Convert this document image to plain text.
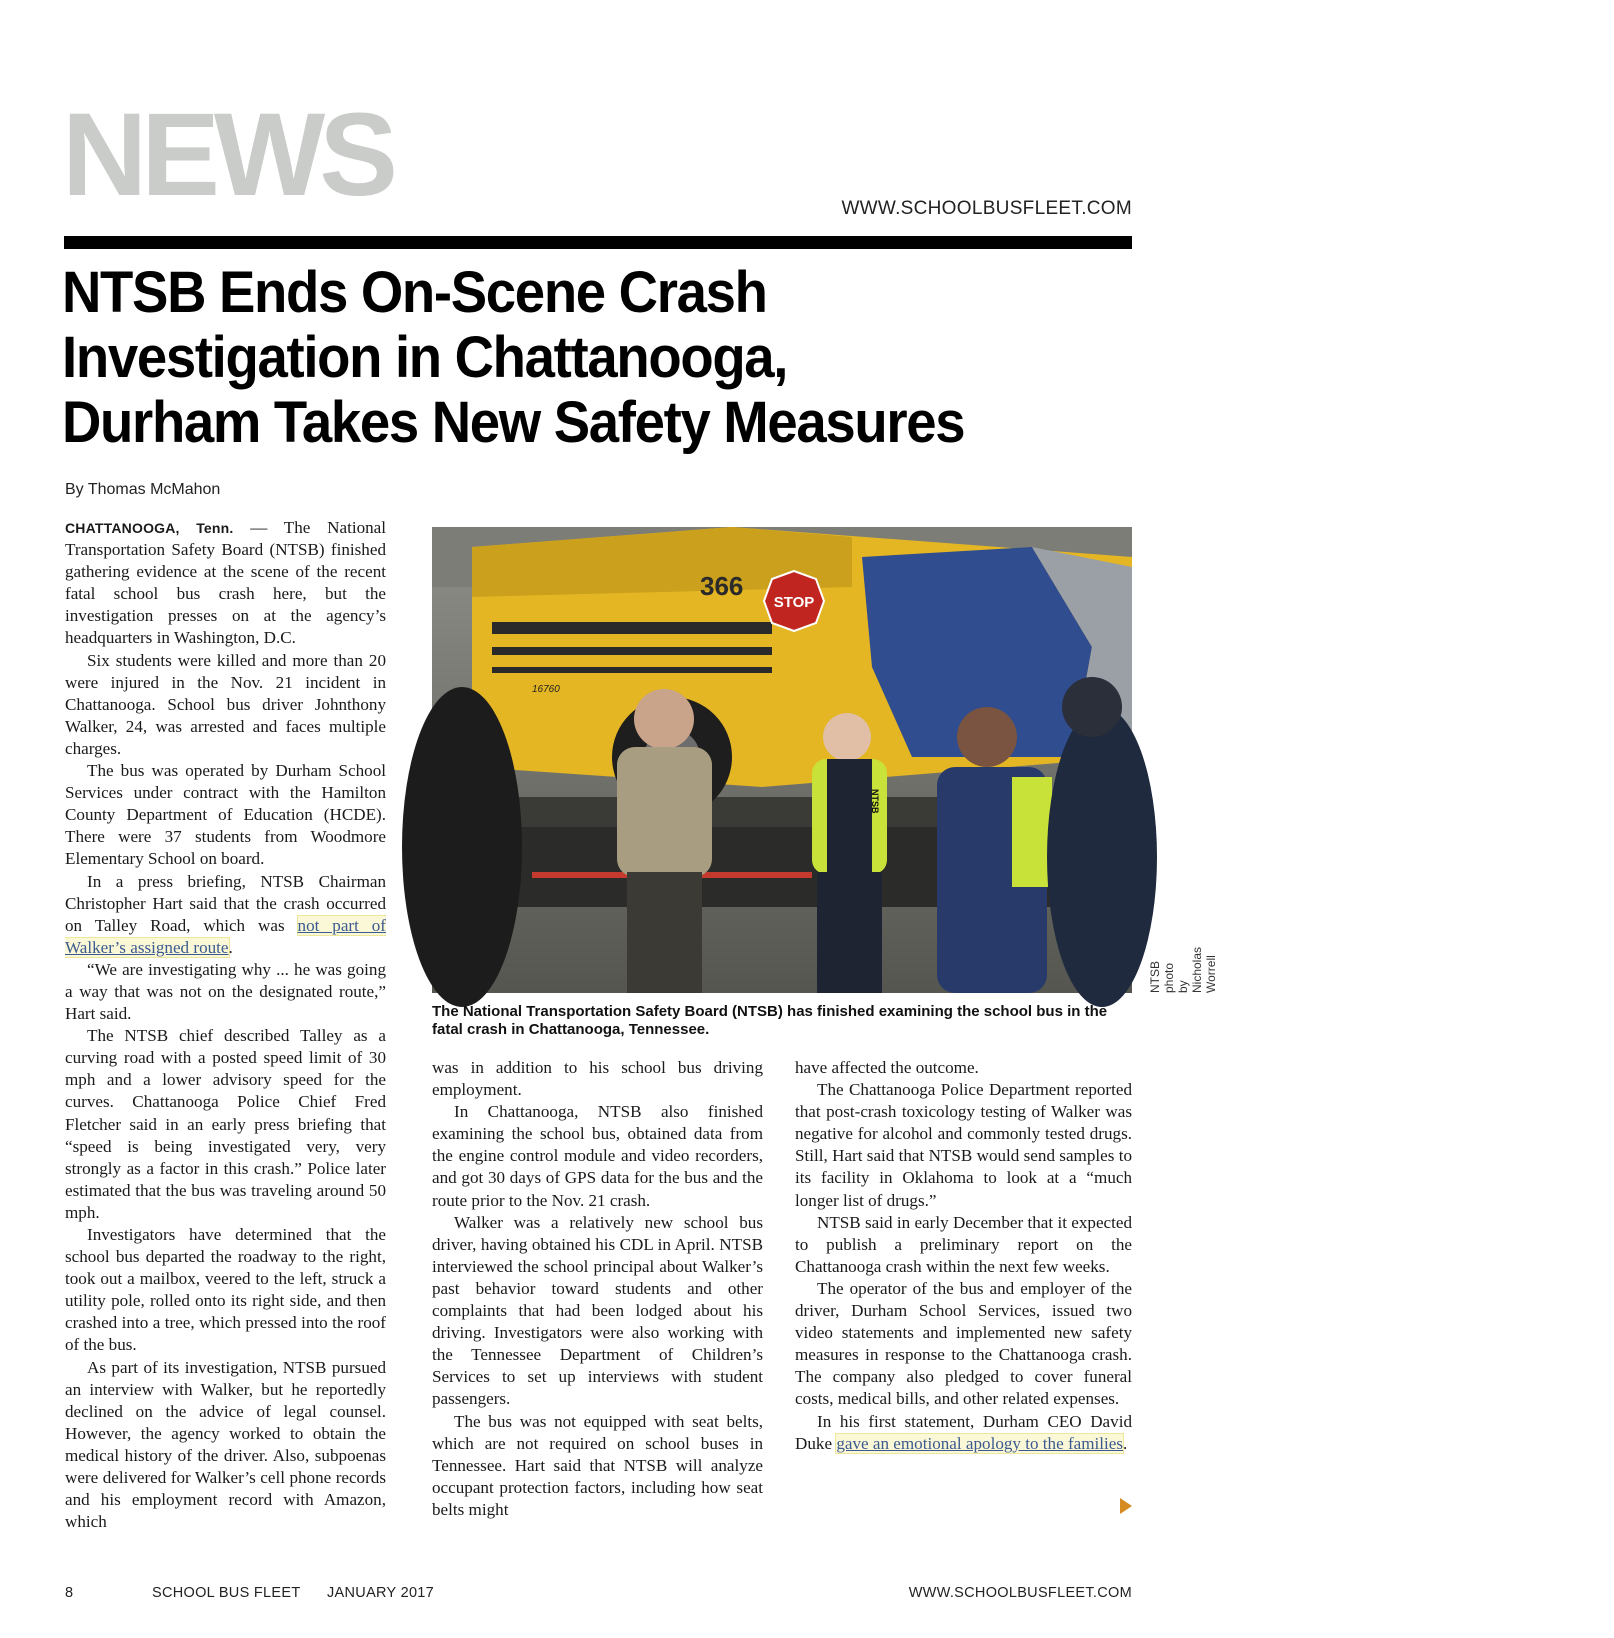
NEWS	WWW.SCHOOLBUSFLEET.COM
NTSB Ends On-Scene Crash
Investigation in Chattanooga,
Durham Takes New Safety Measures
By Thomas McMahon

CHATTANOOGA, Tenn. — The National Transportation Safety Board (NTSB) finished gathering evidence at the scene of the recent fatal school bus crash here, but the investigation presses on at the agency’s headquarters in Washington, D.C.

Six students were killed and more than 20 were injured in the Nov. 21 incident in Chattanooga. School bus driver Johnthony Walker, 24, was arrested and faces multiple charges.

The bus was operated by Durham School Services under contract with the Hamilton County Department of Education (HCDE). There were 37 students from Woodmore Elementary School on board.

In a press briefing, NTSB Chairman Christopher Hart said that the crash occurred on Talley Road, which was not part of Walker’s assigned route.

“We are investigating why ... he was going a way that was not on the designated route,” Hart said.

The NTSB chief described Talley as a curving road with a posted speed limit of 30 mph and a lower advisory speed for the curves. Chattanooga Police Chief Fred Fletcher said in an early press briefing that “speed is being investigated very, very strongly as a factor in this crash.” Police later estimated that the bus was traveling around 50 mph.

Investigators have determined that the school bus departed the roadway to the right, took out a mailbox, veered to the left, struck a utility pole, rolled onto its right side, and then crashed into a tree, which pressed into the roof of the bus.

As part of its investigation, NTSB pursued an interview with Walker, but he reportedly declined on the advice of legal counsel. However, the agency worked to obtain the medical history of the driver. Also, subpoenas were delivered for Walker’s cell phone records and his employment record with Amazon, which

STOP
366
16760
NTSB
NTSB photo by Nicholas Worrell
The National Transportation Safety Board (NTSB) has finished examining the school bus in the fatal crash in Chattanooga, Tennessee.

was in addition to his school bus driving employment.

In Chattanooga, NTSB also finished examining the school bus, obtained data from the engine control module and video recorders, and got 30 days of GPS data for the bus and the route prior to the Nov. 21 crash.

Walker was a relatively new school bus driver, having obtained his CDL in April. NTSB interviewed the school principal about Walker’s past behavior toward students and other complaints that had been lodged about his driving. Investigators were also working with the Tennessee Department of Children’s Services to set up interviews with student passengers.

The bus was not equipped with seat belts, which are not required on school buses in Tennessee. Hart said that NTSB will analyze occupant protection factors, including how seat belts might

have affected the outcome.

The Chattanooga Police Department reported that post-crash toxicology testing of Walker was negative for alcohol and commonly tested drugs. Still, Hart said that NTSB would send samples to its facility in Oklahoma to look at a “much longer list of drugs.”

NTSB said in early December that it expected to publish a preliminary report on the Chattanooga crash within the next few weeks.

The operator of the bus and employer of the driver, Durham School Services, issued two video statements and implemented new safety measures in response to the Chattanooga crash. The company also pledged to cover funeral costs, medical bills, and other related expenses.

In his first statement, Durham CEO David Duke gave an emotional apology to the families.

8	SCHOOL BUS FLEET JANUARY 2017	WWW.SCHOOLBUSFLEET.COM
